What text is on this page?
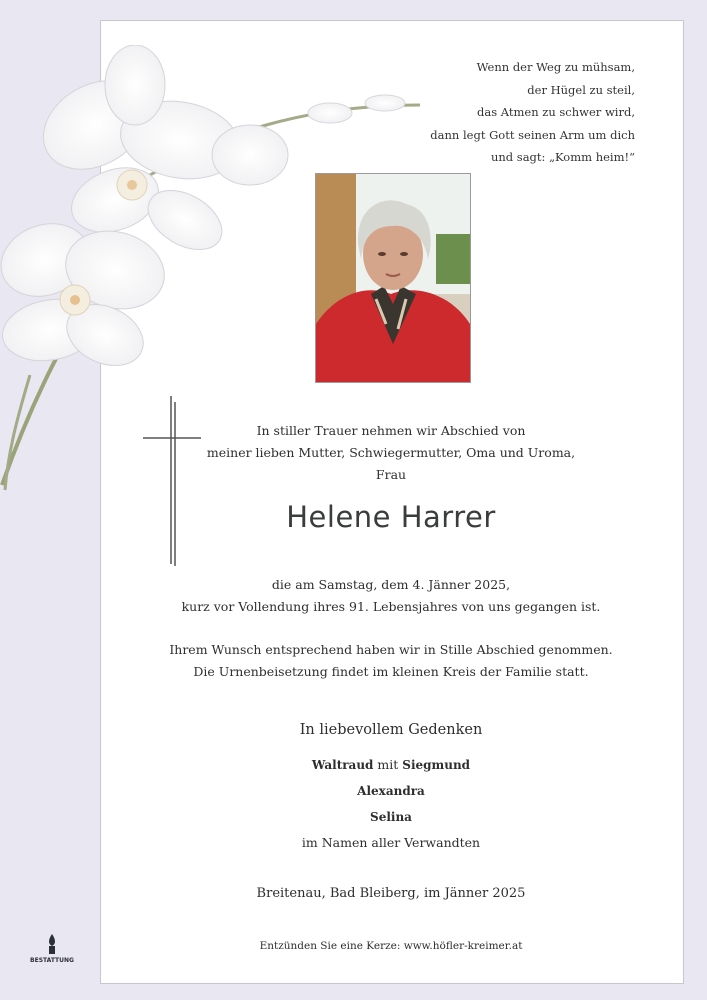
Wenn der Weg zu mühsam,
der Hügel zu steil,
das Atmen zu schwer wird,
dann legt Gott seinen Arm um dich
und sagt: „Komm heim!“
In stiller Trauer nehmen wir Abschied von
meiner lieben Mutter, Schwiegermutter, Oma und Uroma,
Frau
Helene Harrer
die am Samstag, dem 4. Jänner 2025,
kurz vor Vollendung ihres 91. Lebensjahres von uns gegangen ist.
Ihrem Wunsch entsprechend haben wir in Stille Abschied genommen.
Die Urnenbeisetzung findet im kleinen Kreis der Familie statt.
In liebevollem Gedenken
Waltraud mit Siegmund
Alexandra
Selina
im Namen aller Verwandten
Breitenau, Bad Bleiberg, im Jänner 2025
Entzünden Sie eine Kerze: www.höfler-kreimer.at
BESTATTUNG
